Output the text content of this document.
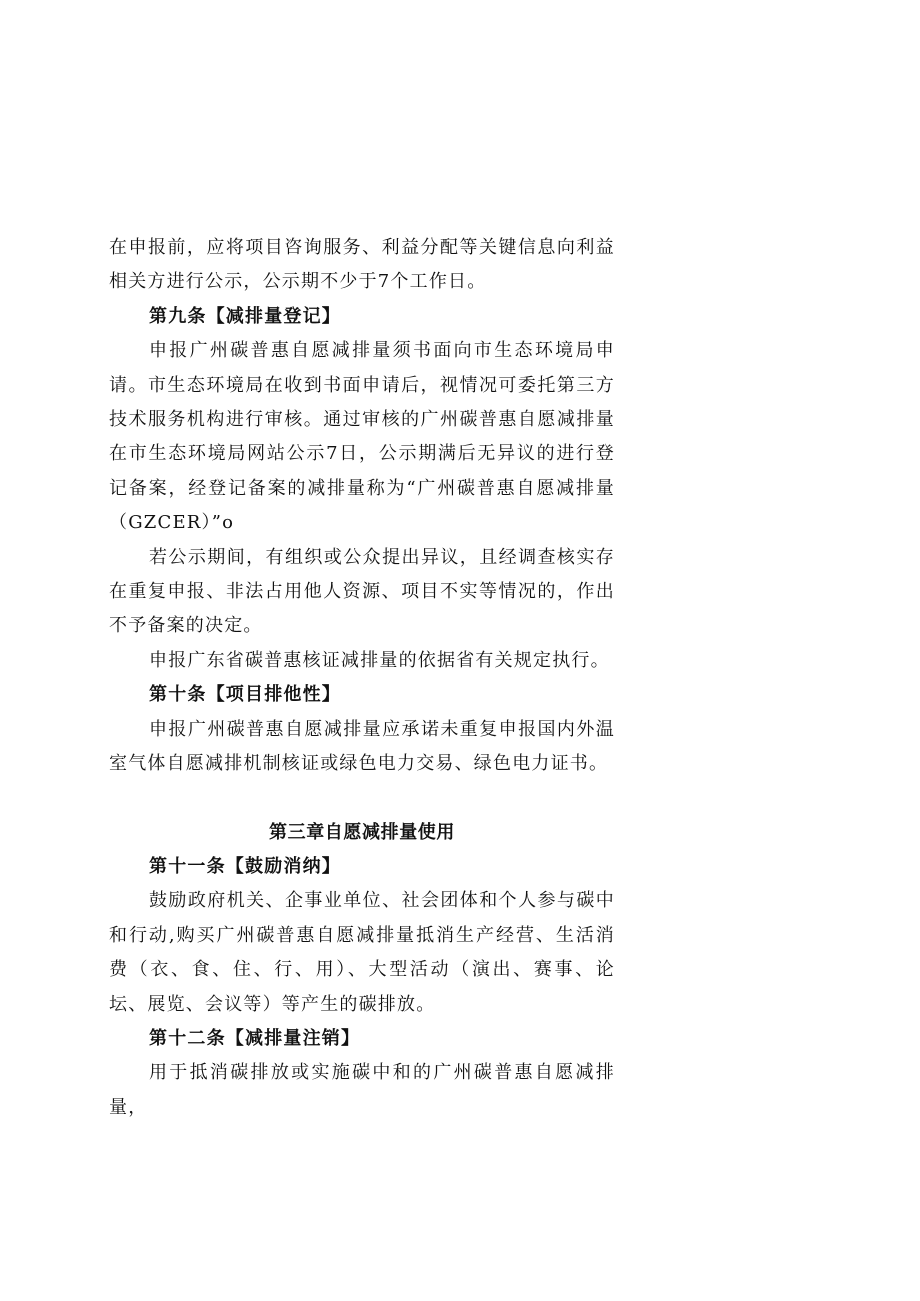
在申报前，应将项目咨询服务、利益分配等关键信息向利益相关方进行公示，公示期不少于7个工作日。

第九条【减排量登记】

申报广州碳普惠自愿减排量须书面向市生态环境局申请。市生态环境局在收到书面申请后，视情况可委托第三方技术服务机构进行审核。通过审核的广州碳普惠自愿减排量在市生态环境局网站公示7日，公示期满后无异议的进行登记备案，经登记备案的减排量称为“广州碳普惠自愿减排量（GZCER）”o

若公示期间，有组织或公众提出异议，且经调查核实存在重复申报、非法占用他人资源、项目不实等情况的，作出不予备案的决定。

申报广东省碳普惠核证减排量的依据省有关规定执行。

第十条【项目排他性】

申报广州碳普惠自愿减排量应承诺未重复申报国内外温室气体自愿减排机制核证或绿色电力交易、绿色电力证书。

第三章自愿减排量使用

第十一条【鼓励消纳】

鼓励政府机关、企事业单位、社会团体和个人参与碳中和行动,购买广州碳普惠自愿减排量抵消生产经营、生活消费（衣、食、住、行、用）、大型活动（演出、赛事、论坛、展览、会议等）等产生的碳排放。

第十二条【减排量注销】

用于抵消碳排放或实施碳中和的广州碳普惠自愿减排量，
